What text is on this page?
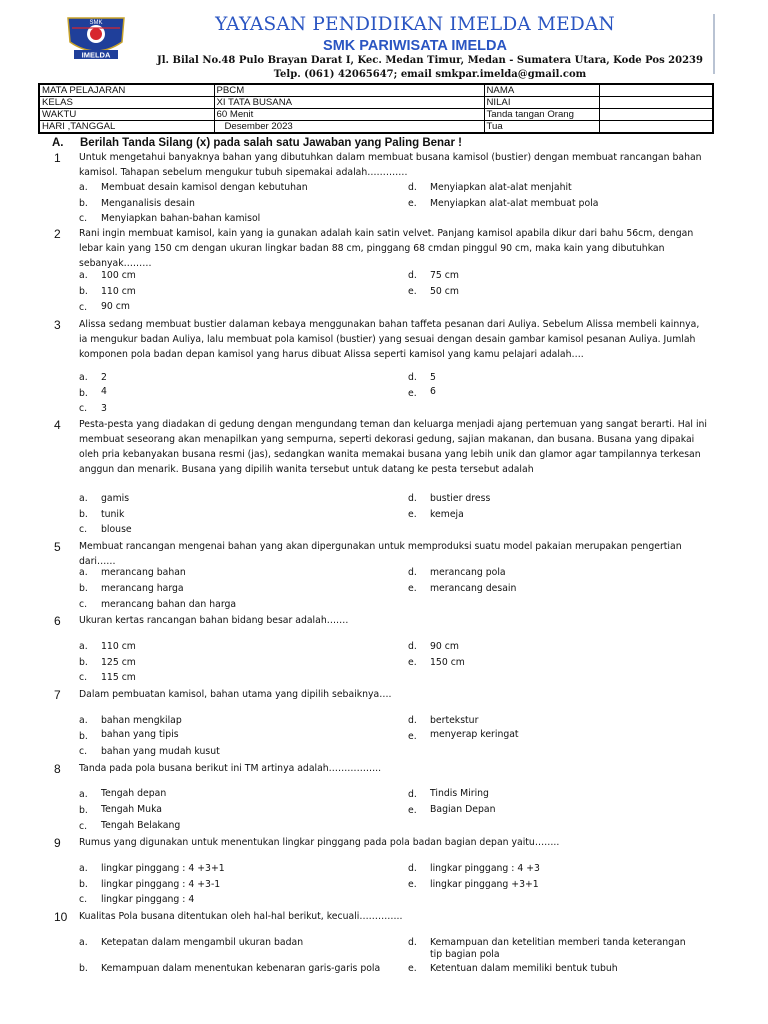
SMK
IMELDA
YAYASAN PENDIDIKAN IMELDA MEDAN
SMK PARIWISATA IMELDA
Jl. Bilal No.48 Pulo Brayan Darat I, Kec. Medan Timur, Medan - Sumatera Utara, Kode Pos 20239
Telp. (061) 42065647; email smkpar.imelda@gmail.com
MATA PELAJARAN	PBCM	NAMA	
KELAS	XI TATA BUSANA	NILAI	
WAKTU	60 Menit	Tanda tangan Orang	
HARI ,TANGGAL	Desember 2023	Tua	
A. Berilah Tanda Silang (x) pada salah satu Jawaban yang Paling Benar !
1 Untuk mengetahui banyaknya bahan yang dibutuhkan dalam membuat busana kamisol (bustier) dengan membuat rancangan bahan kamisol. Tahapan sebelum mengukur tubuh sipemakai adalah………….
a. Membuat desain kamisol dengan kebutuhan
b. Menganalisis desain
c. Menyiapkan bahan-bahan kamisol
d. Menyiapkan alat-alat menjahit
e. Menyiapkan alat-alat membuat pola
2 Rani ingin membuat kamisol, kain yang ia gunakan adalah kain satin velvet. Panjang kamisol apabila dikur dari bahu 56cm, dengan lebar kain yang 150 cm dengan ukuran lingkar badan 88 cm, pinggang 68 cmdan pinggul 90 cm, maka kain yang dibutuhkan sebanyak………
a. 100 cm
b. 110 cm
c. 90 cm
d. 75 cm
e. 50 cm
3 Alissa sedang membuat bustier dalaman kebaya menggunakan bahan taffeta pesanan dari Auliya. Sebelum Alissa membeli kainnya, ia mengukur badan Auliya, lalu membuat pola kamisol (bustier) yang sesuai dengan desain gambar kamisol pesanan Auliya. Jumlah komponen pola badan depan kamisol yang harus dibuat Alissa seperti kamisol yang kamu pelajari adalah….
a. 2
b. 4
c. 3
d. 5
e. 6
4 Pesta-pesta yang diadakan di gedung dengan mengundang teman dan keluarga menjadi ajang pertemuan yang sangat berarti. Hal ini membuat seseorang akan menapilkan yang sempurna, seperti dekorasi gedung, sajian makanan, dan busana. Busana yang dipakai oleh pria kebanyakan busana resmi (jas), sedangkan wanita memakai busana yang lebih unik dan glamor agar tampilannya terkesan anggun dan menarik. Busana yang dipilih wanita tersebut untuk datang ke pesta tersebut adalah
a. gamis
b. tunik
c. blouse
d. bustier dress
e. kemeja
5 Membuat rancangan mengenai bahan yang akan dipergunakan untuk memproduksi suatu model pakaian merupakan pengertian dari……
a. merancang bahan
b. merancang harga
c. merancang bahan dan harga
d. merancang pola
e. merancang desain
6 Ukuran kertas rancangan bahan bidang besar adalah…….
a. 110 cm
b. 125 cm
c. 115 cm
d. 90 cm
e. 150 cm
7 Dalam pembuatan kamisol, bahan utama yang dipilih sebaiknya….
a. bahan mengkilap
b. bahan yang tipis
c. bahan yang mudah kusut
d. bertekstur
e. menyerap keringat
8 Tanda pada pola busana berikut ini TM artinya adalah……………..
a. Tengah depan
b. Tengah Muka
c. Tengah Belakang
d. Tindis Miring
e. Bagian Depan
9 Rumus yang digunakan untuk menentukan lingkar pinggang pada pola badan bagian depan yaitu……..
a. lingkar pinggang : 4 +3+1
b. lingkar pinggang : 4 +3-1
c. lingkar pinggang : 4
d. lingkar pinggang : 4 +3
e. lingkar pinggang +3+1
10 Kualitas Pola busana ditentukan oleh hal-hal berikut, kecuali…………..
a. Ketepatan dalam mengambil ukuran badan
b. Kemampuan dalam menentukan kebenaran garis-garis pola
d. Kemampuan dan ketelitian memberi tanda keterangan tip bagian pola
e. Ketentuan dalam memiliki bentuk tubuh
